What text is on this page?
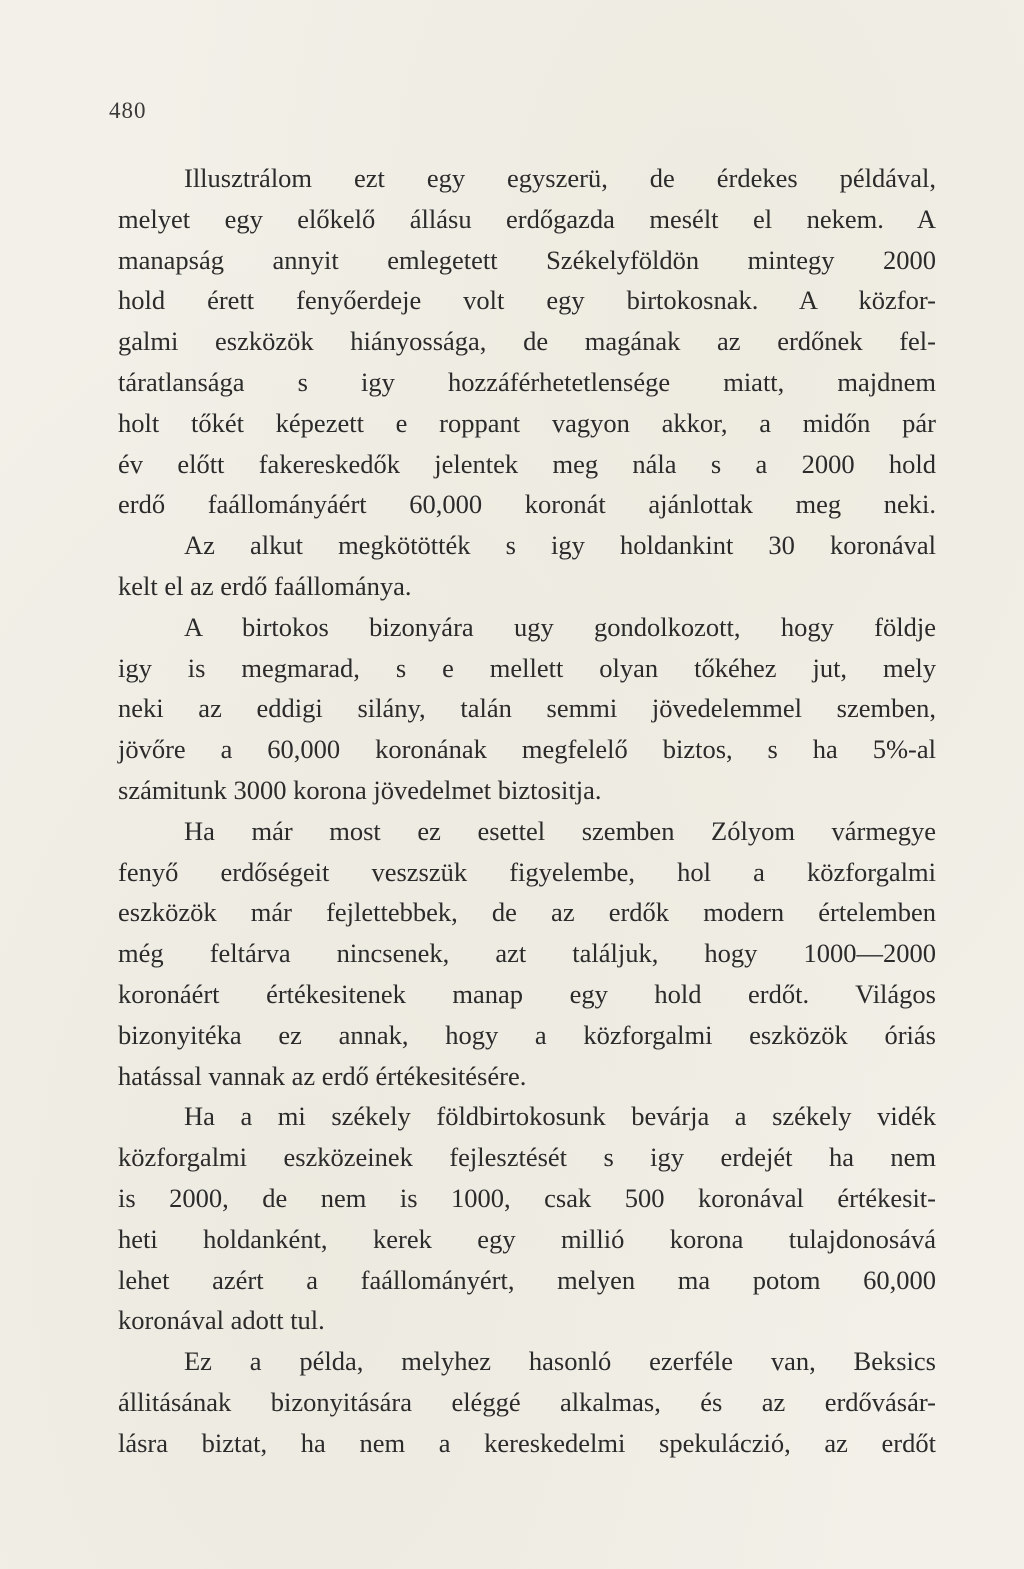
480
Illusztrálom ezt egy egyszerü, de érdekes példával,
melyet egy előkelő állásu erdőgazda mesélt el nekem. A
manapság annyit emlegetett Székelyföldön mintegy 2000
hold érett fenyőerdeje volt egy birtokosnak. A közfor-
galmi eszközök hiányossága, de magának az erdőnek fel-
táratlansága s igy hozzáférhetetlensége miatt, majdnem
holt tőkét képezett e roppant vagyon akkor, a midőn pár
év előtt fakereskedők jelentek meg nála s a 2000 hold
erdő faállományáért 60,000 koronát ajánlottak meg neki.
Az alkut megkötötték s igy holdankint 30 koronával
kelt el az erdő faállománya.
A birtokos bizonyára ugy gondolkozott, hogy földje
igy is megmarad, s e mellett olyan tőkéhez jut, mely
neki az eddigi silány, talán semmi jövedelemmel szemben,
jövőre a 60,000 koronának megfelelő biztos, s ha 5%-al
számitunk 3000 korona jövedelmet biztositja.
Ha már most ez esettel szemben Zólyom vármegye
fenyő erdőségeit veszszük figyelembe, hol a közforgalmi
eszközök már fejlettebbek, de az erdők modern értelemben
még feltárva nincsenek, azt találjuk, hogy 1000—2000
koronáért értékesitenek manap egy hold erdőt. Világos
bizonyitéka ez annak, hogy a közforgalmi eszközök óriás
hatással vannak az erdő értékesitésére.
Ha a mi székely földbirtokosunk bevárja a székely vidék
közforgalmi eszközeinek fejlesztését s igy erdejét ha nem
is 2000, de nem is 1000, csak 500 koronával értékesit-
heti holdanként, kerek egy millió korona tulajdonosává
lehet azért a faállományért, melyen ma potom 60,000
koronával adott tul.
Ez a példa, melyhez hasonló ezerféle van, Beksics
állitásának bizonyitására eléggé alkalmas, és az erdővásár-
lásra biztat, ha nem a kereskedelmi spekuláczió, az erdőt
